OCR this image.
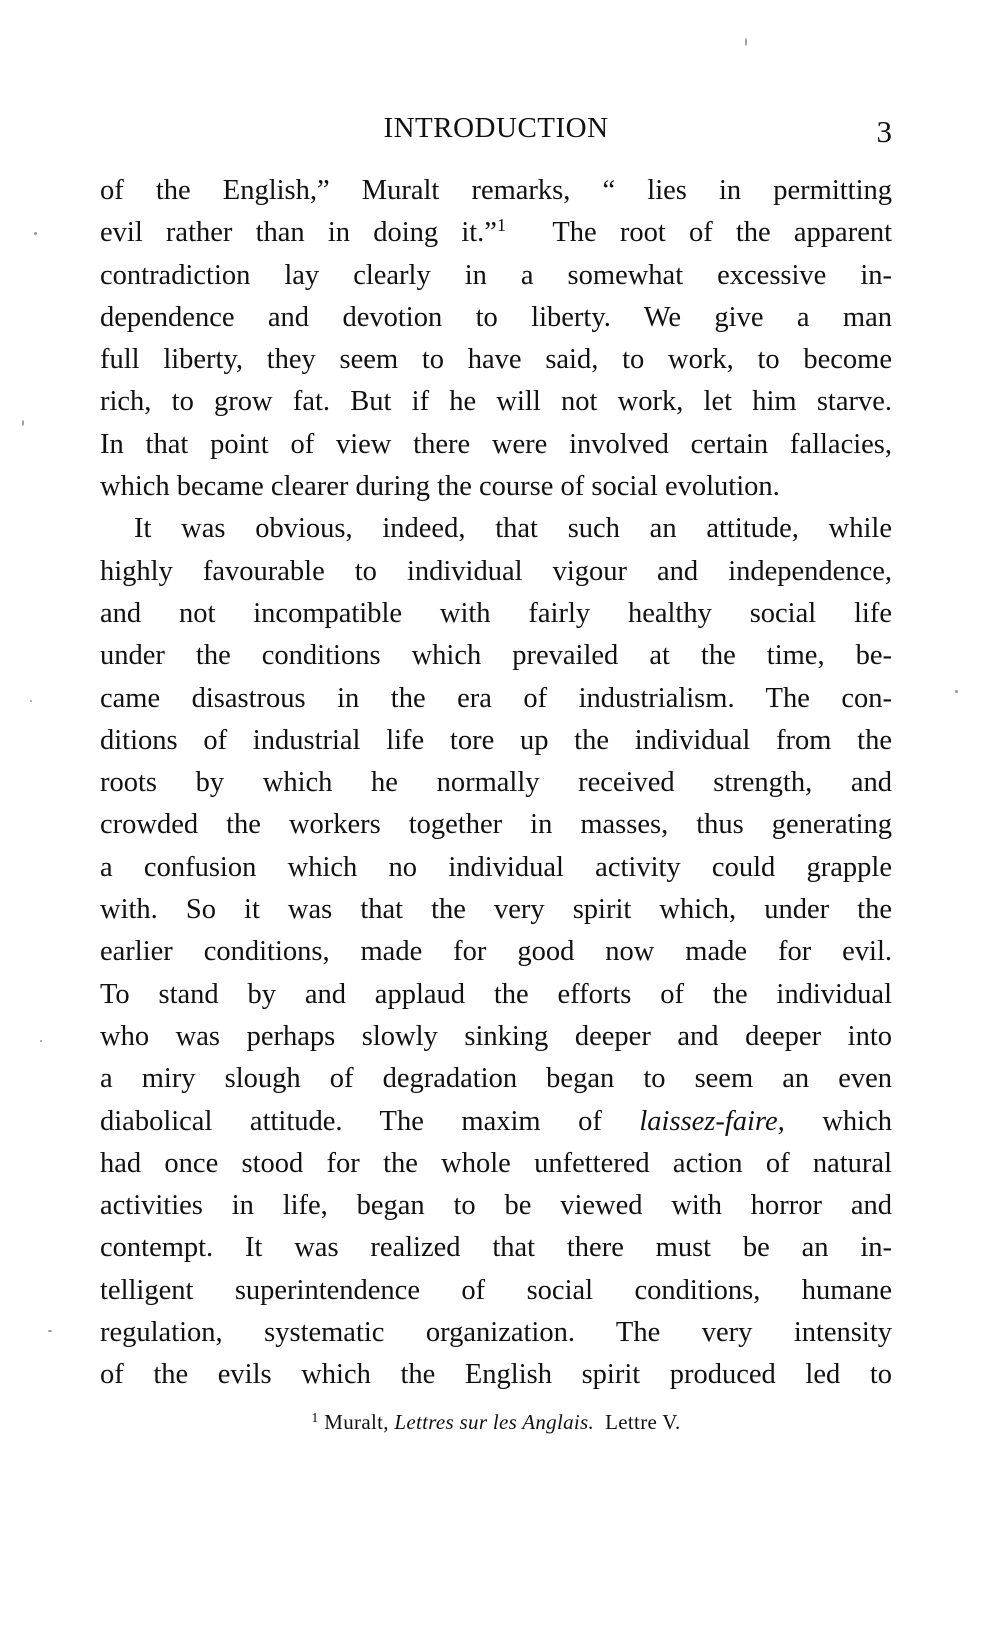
INTRODUCTION	3
of the English,” Muralt remarks, “ lies in permitting
evil rather than in doing it.”$^1$ The root of the apparent
contradiction lay clearly in a somewhat excessive in-
dependence and devotion to liberty. We give a man
full liberty, they seem to have said, to work, to become
rich, to grow fat. But if he will not work, let him starve.
In that point of view there were involved certain fallacies,
which became clearer during the course of social evolution.
It was obvious, indeed, that such an attitude, while
highly favourable to individual vigour and independence,
and not incompatible with fairly healthy social life
under the conditions which prevailed at the time, be-
came disastrous in the era of industrialism. The con-
ditions of industrial life tore up the individual from the
roots by which he normally received strength, and
crowded the workers together in masses, thus generating
a confusion which no individual activity could grapple
with. So it was that the very spirit which, under the
earlier conditions, made for good now made for evil.
To stand by and applaud the efforts of the individual
who was perhaps slowly sinking deeper and deeper into
a miry slough of degradation began to seem an even
diabolical attitude. The maxim of laissez-faire, which
had once stood for the whole unfettered action of natural
activities in life, began to be viewed with horror and
contempt. It was realized that there must be an in-
telligent superintendence of social conditions, humane
regulation, systematic organization. The very intensity
of the evils which the English spirit produced led to
$^1$ Muralt, Lettres sur les Anglais. Lettre V.
